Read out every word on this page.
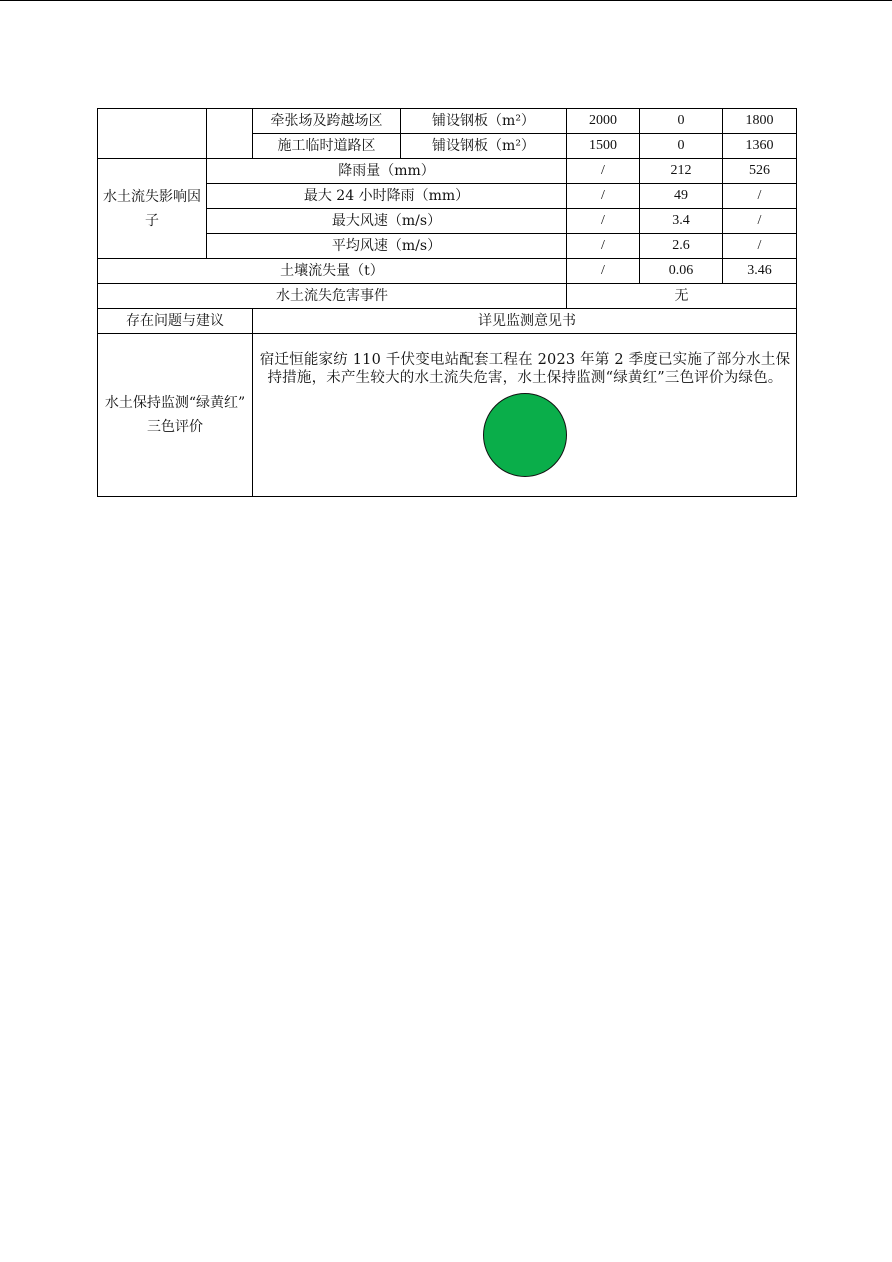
		牵张场及跨越场区	铺设钢板（m²）	2000	0	1800
		施工临时道路区	铺设钢板（m²）	1500	0	1360
水土流失影响因子	降雨量（mm）			/	212	526
	最大 24 小时降雨（mm）			/	49	/
	最大风速（m/s）			/	3.4	/
	平均风速（m/s）			/	2.6	/
土壤流失量（t）				/	0.06	3.46
水土流失危害事件				无		
存在问题与建议		详见监测意见书				
水土保持监测“绿黄红” 三色评价		宿迁恒能家纺 110 千伏变电站配套工程在 2023 年第 2 季度已实施了部分水土保持措施，未产生较大的水土流失危害，水土保持监测“绿黄红”三色评价为绿色。				
